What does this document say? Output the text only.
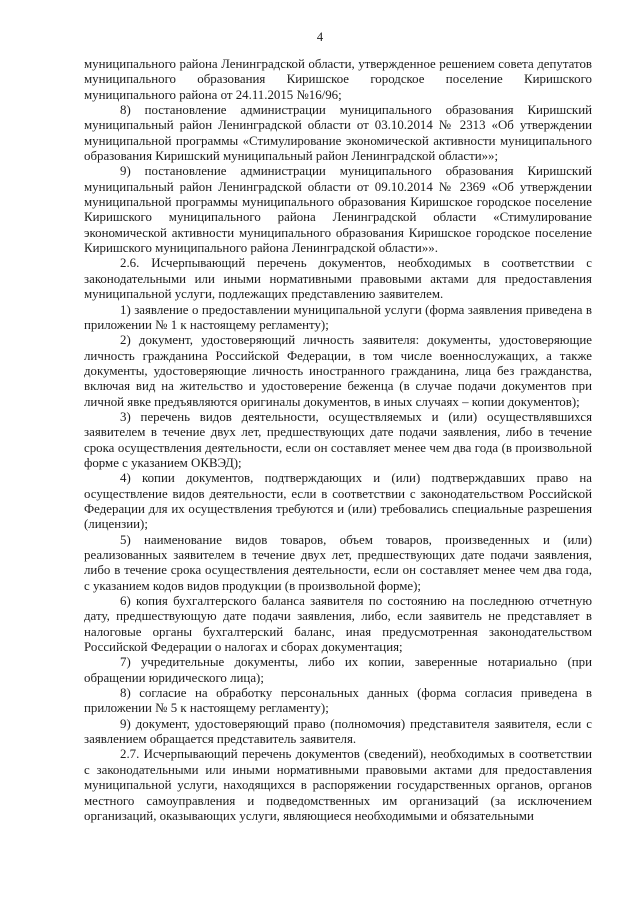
4

муниципального района Ленинградской области, утвержденное решением совета депутатов муниципального образования Киришское городское поселение Киришского муниципального района от 24.11.2015 №16/96;

8) постановление администрации муниципального образования Киришский муниципальный район Ленинградской области от 03.10.2014 № 2313 «Об утверждении муниципальной программы «Стимулирование экономической активности муниципального образования Киришский муниципальный район Ленинградской области»»;

9) постановление администрации муниципального образования Киришский муниципальный район Ленинградской области от 09.10.2014 № 2369 «Об утверждении муниципальной программы муниципального образования Киришское городское поселение Киришского муниципального района Ленинградской области «Стимулирование экономической активности муниципального образования Киришское городское поселение Киришского муниципального района Ленинградской области»».

2.6. Исчерпывающий перечень документов, необходимых в соответствии с законодательными или иными нормативными правовыми актами для предоставления муниципальной услуги, подлежащих представлению заявителем.

1) заявление о предоставлении муниципальной услуги (форма заявления приведена в приложении № 1 к настоящему регламенту);

2) документ, удостоверяющий личность заявителя: документы, удостоверяющие личность гражданина Российской Федерации, в том числе военнослужащих, а также документы, удостоверяющие личность иностранного гражданина, лица без гражданства, включая вид на жительство и удостоверение беженца (в случае подачи документов при личной явке предъявляются оригиналы документов, в иных случаях – копии документов);

3) перечень видов деятельности, осуществляемых и (или) осуществлявшихся заявителем в течение двух лет, предшествующих дате подачи заявления, либо в течение срока осуществления деятельности, если он составляет менее чем два года (в произвольной форме с указанием ОКВЭД);

4) копии документов, подтверждающих и (или) подтверждавших право на осуществление видов деятельности, если в соответствии с законодательством Российской Федерации для их осуществления требуются и (или) требовались специальные разрешения (лицензии);

5) наименование видов товаров, объем товаров, произведенных и (или) реализованных заявителем в течение двух лет, предшествующих дате подачи заявления, либо в течение срока осуществления деятельности, если он составляет менее чем два года, с указанием кодов видов продукции (в произвольной форме);

6) копия бухгалтерского баланса заявителя по состоянию на последнюю отчетную дату, предшествующую дате подачи заявления, либо, если заявитель не представляет в налоговые органы бухгалтерский баланс, иная предусмотренная законодательством Российской Федерации о налогах и сборах документация;

7) учредительные документы, либо их копии, заверенные нотариально (при обращении юридического лица);

8) согласие на обработку персональных данных (форма согласия приведена в приложении № 5 к настоящему регламенту);

9) документ, удостоверяющий право (полномочия) представителя заявителя, если с заявлением обращается представитель заявителя.

2.7. Исчерпывающий перечень документов (сведений), необходимых в соответствии с законодательными или иными нормативными правовыми актами для предоставления муниципальной услуги, находящихся в распоряжении государственных органов, органов местного самоуправления и подведомственных им организаций (за исключением организаций, оказывающих услуги, являющиеся необходимыми и обязательными
